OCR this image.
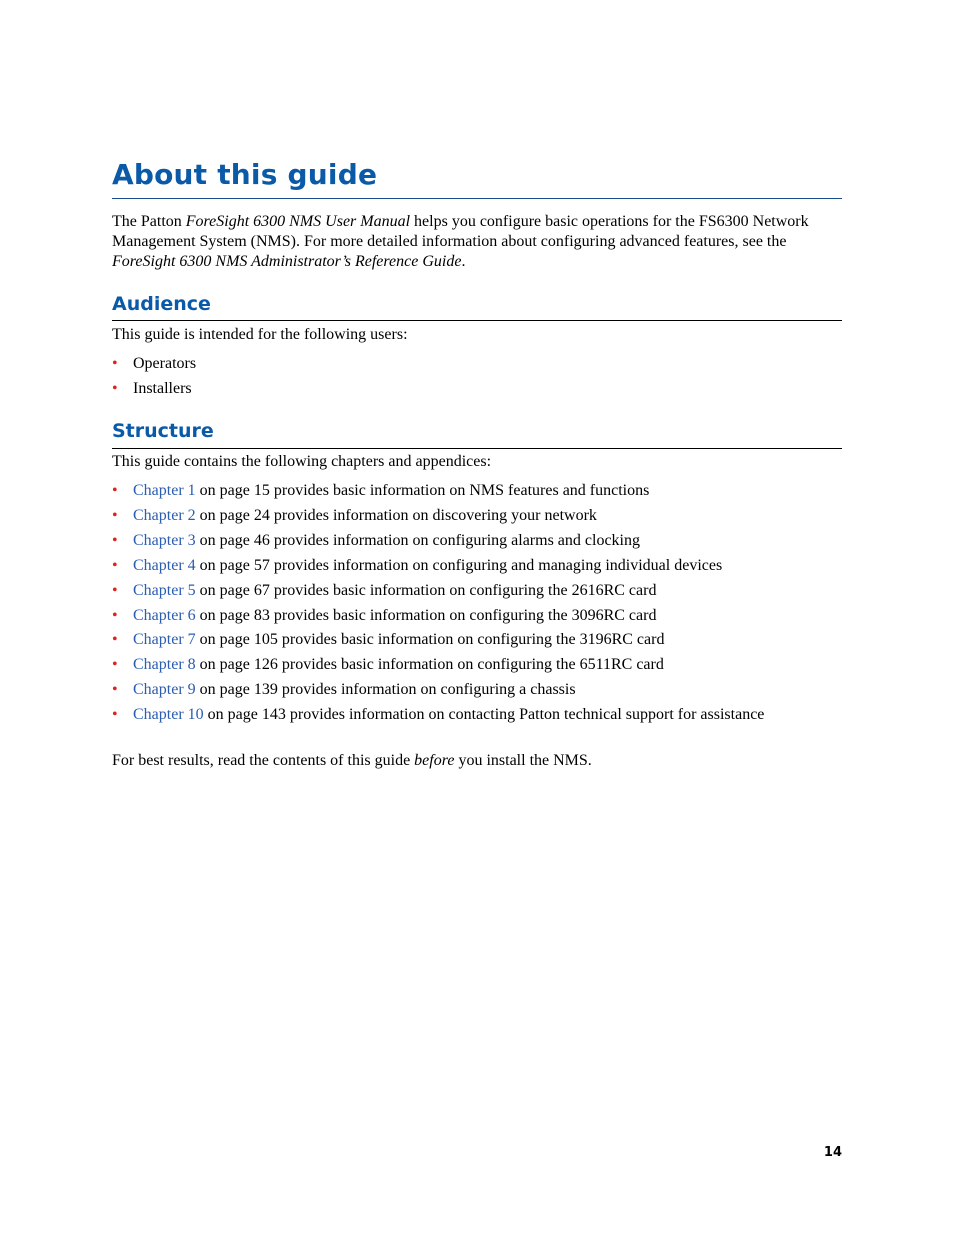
About this guide

The Patton ForeSight 6300 NMS User Manual helps you configure basic operations for the FS6300 Network Management System (NMS). For more detailed information about configuring advanced features, see the ForeSight 6300 NMS Administrator’s Reference Guide.

Audience

This guide is intended for the following users:

• Operators
• Installers
Structure

This guide contains the following chapters and appendices:

• Chapter 1 on page 15 provides basic information on NMS features and functions
• Chapter 2 on page 24 provides information on discovering your network
• Chapter 3 on page 46 provides information on configuring alarms and clocking
• Chapter 4 on page 57 provides information on configuring and managing individual devices
• Chapter 5 on page 67 provides basic information on configuring the 2616RC card
• Chapter 6 on page 83 provides basic information on configuring the 3096RC card
• Chapter 7 on page 105 provides basic information on configuring the 3196RC card
• Chapter 8 on page 126 provides basic information on configuring the 6511RC card
• Chapter 9 on page 139 provides information on configuring a chassis
• Chapter 10 on page 143 provides information on contacting Patton technical support for assistance

For best results, read the contents of this guide before you install the NMS.

14
